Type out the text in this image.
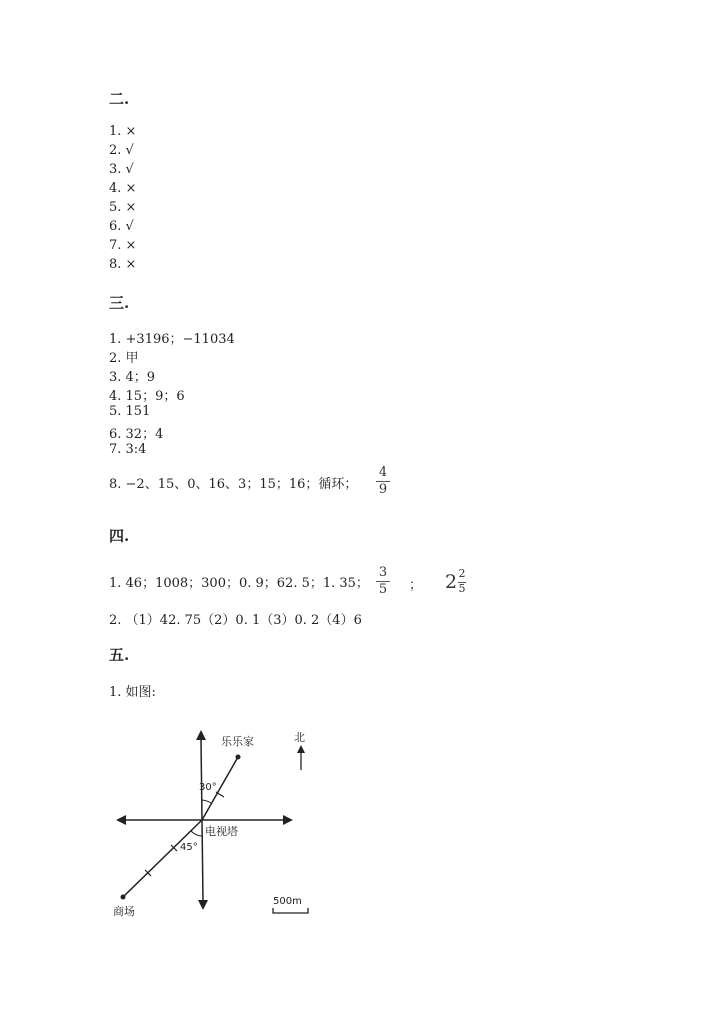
二.
1. ×
2. √
3. √
4. ×
5. ×
6. √
7. ×
8. ×
三.
1. +3196；−11034
2. 甲
3. 4；9
4. 15；9；6
5. 151
6. 32；4
7. 3:4
8. −2、15、0、16、3；15；16；循环；
4
9
四.
1. 46；1008；300；0. 9；62. 5；1. 35；
3
5 ； 2 2
5
2. （1）42. 75（2）0. 1（3）0. 2（4）6
五.
1. 如图:
乐乐家
30°
电视塔
45°
商场
北
500m
